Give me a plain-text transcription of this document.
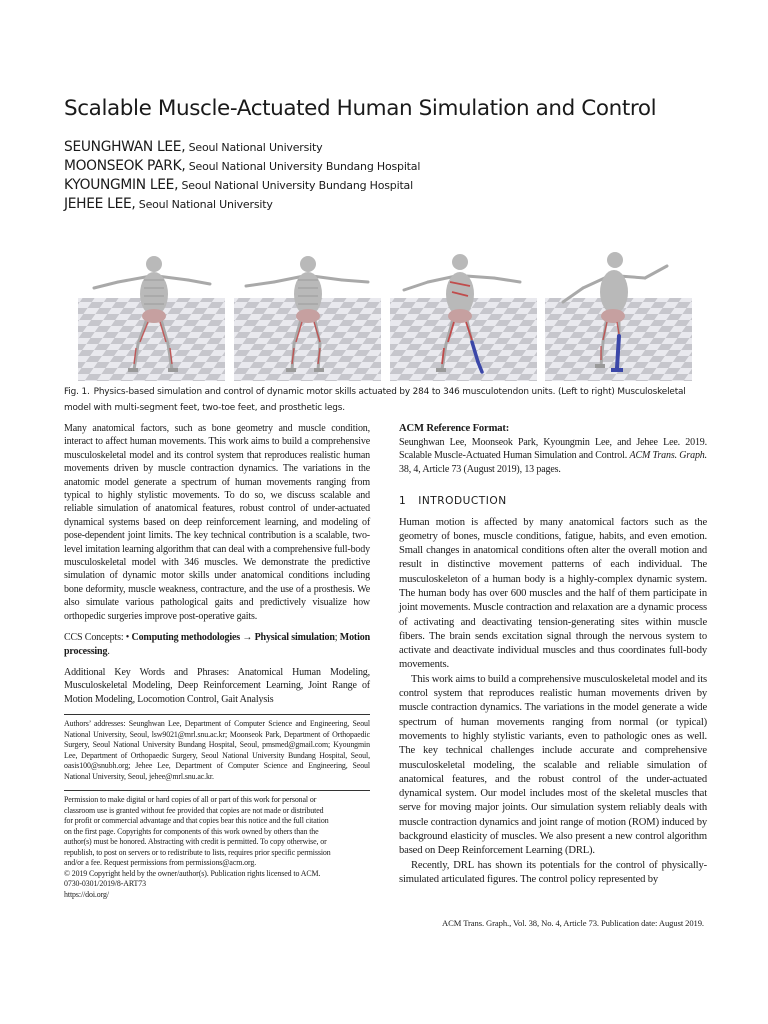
Scalable Muscle-Actuated Human Simulation and Control
SEUNGHWAN LEE, Seoul National University
MOONSEOK PARK, Seoul National University Bundang Hospital
KYOUNGMIN LEE, Seoul National University Bundang Hospital
JEHEE LEE, Seoul National University
Fig. 1. Physics-based simulation and control of dynamic motor skills actuated by 284 to 346 musculotendon units. (Left to right) Musculoskeletal model with multi-segment feet, two-toe feet, and prosthetic legs.

Many anatomical factors, such as bone geometry and muscle condition, interact to affect human movements. This work aims to build a comprehensive musculoskeletal model and its control system that reproduces realistic human movements driven by muscle contraction dynamics. The variations in the anatomic model generate a spectrum of human movements ranging from typical to highly stylistic movements. To do so, we discuss scalable and reliable simulation of anatomical features, robust control of under-actuated dynamical systems based on deep reinforcement learning, and modeling of pose-dependent joint limits. The key technical contribution is a scalable, two-level imitation learning algorithm that can deal with a comprehensive full-body musculoskeletal model with 346 muscles. We demonstrate the predictive simulation of dynamic motor skills under anatomical conditions including bone deformity, muscle weakness, contracture, and the use of a prosthesis. We also simulate various pathological gaits and predictively visualize how orthopedic surgeries improve post-operative gaits.

CCS Concepts: • Computing methodologies → Physical simulation; Motion processing.

Additional Key Words and Phrases: Anatomical Human Modeling, Musculoskeletal Modeling, Deep Reinforcement Learning, Joint Range of Motion Modeling, Locomotion Control, Gait Analysis

Authors’ addresses: Seunghwan Lee, Department of Computer Science and Engineering, Seoul National University, Seoul, lsw9021@mrl.snu.ac.kr; Moonseok Park, Department of Orthopaedic Surgery, Seoul National University Bundang Hospital, Seoul, pmsmed@gmail.com; Kyoungmin Lee, Department of Orthopaedic Surgery, Seoul National University Bundang Hospital, Seoul, oasis100@snubh.org; Jehee Lee, Department of Computer Science and Engineering, Seoul National University, Seoul, jehee@mrl.snu.ac.kr.

Permission to make digital or hard copies of all or part of this work for personal or
classroom use is granted without fee provided that copies are not made or distributed
for profit or commercial advantage and that copies bear this notice and the full citation
on the first page. Copyrights for components of this work owned by others than the
author(s) must be honored. Abstracting with credit is permitted. To copy otherwise, or
republish, to post on servers or to redistribute to lists, requires prior specific permission
and/or a fee. Request permissions from permissions@acm.org.
© 2019 Copyright held by the owner/author(s). Publication rights licensed to ACM.
0730-0301/2019/8-ART73
https://doi.org/
ACM Reference Format:

Seunghwan Lee, Moonseok Park, Kyoungmin Lee, and Jehee Lee. 2019. Scalable Muscle-Actuated Human Simulation and Control. ACM Trans. Graph. 38, 4, Article 73 (August 2019), 13 pages.

1 INTRODUCTION

Human motion is affected by many anatomical factors such as the geometry of bones, muscle conditions, fatigue, habits, and even emotion. Small changes in anatomical conditions often alter the overall motion and result in distinctive movement patterns of each individual. The musculoskeleton of a human body is a highly-complex dynamic system. The human body has over 600 muscles and the half of them participate in joint movements. Muscle contraction and relaxation are a dynamic process of activating and deactivating tension-generating sites within muscle fibers. The brain sends excitation signal through the nervous system to activate and deactivate individual muscles and thus coordinates full-body movements.

This work aims to build a comprehensive musculoskeletal model and its control system that reproduces realistic human movements driven by muscle contraction dynamics. The variations in the model generate a wide spectrum of human movements ranging from normal (or typical) movements to highly stylistic variants, even to pathologic ones as well. The key technical challenges include accurate and comprehensive musculoskeletal modeling, the scalable and reliable simulation of anatomical features, and the robust control of the under-actuated dynamical system. Our model includes most of the skeletal muscles that serve for moving major joints. Our simulation system reliably deals with muscle contraction dynamics and joint range of motion (ROM) induced by background elasticity of muscles. We also present a new control algorithm based on Deep Reinforcement Learning (DRL).

Recently, DRL has shown its potentials for the control of physically-simulated articulated figures. The control policy represented by

ACM Trans. Graph., Vol. 38, No. 4, Article 73. Publication date: August 2019.
